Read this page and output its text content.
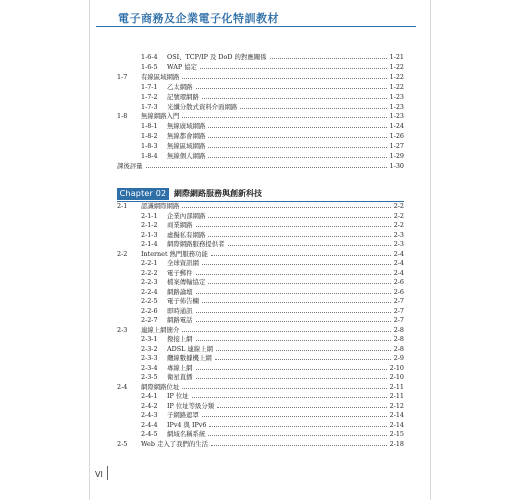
電子商務及企業電子化特訓教材
1-6-4 OSI、TCP/IP 及 DoD 的對應關係	1-21
1-6-5 WAP 協定	1-22
1-7 有線區域網路	1-22
1-7-1 乙太網路	1-22
1-7-2 記號環網路	1-23
1-7-3 光纖分散式資料介面網路	1-23
1-8 無線網路入門	1-23
1-8-1 無線廣域網路	1-24
1-8-2 無線都會網路	1-26
1-8-3 無線區域網路	1-27
1-8-4 無線個人網路	1-29
課後評量	1-30
Chapter 02 網際網路服務與創新科技
2-1 認識網際網路	2-2
2-1-1 企業內部網路	2-2
2-1-2 商業網路	2-2
2-1-3 虛擬私有網路	2-3
2-1-4 網際網路服務提供者	2-3
2-2 Internet 熱門服務功能	2-4
2-2-1 全球資訊網	2-4
2-2-2 電子郵件	2-4
2-2-3 檔案傳輸協定	2-6
2-2-4 網路論壇	2-6
2-2-5 電子佈告欄	2-7
2-2-6 即時通訊	2-7
2-2-7 網路電話	2-7
2-3 連線上網簡介	2-8
2-3-1 撥接上網	2-8
2-3-2 ADSL 連線上網	2-8
2-3-3 纜線數據機上網	2-9
2-3-4 專線上網	2-10
2-3-5 衛星直播	2-10
2-4 網際網路位址	2-11
2-4-1 IP 位址	2-11
2-4-2 IP 位址等級分類	2-12
2-4-3 子網路遮罩	2-14
2-4-4 IPv4 與 IPv6	2-14
2-4-5 網域名稱系統	2-15
2-5 Web 走入了我們的生活	2-18
VI
